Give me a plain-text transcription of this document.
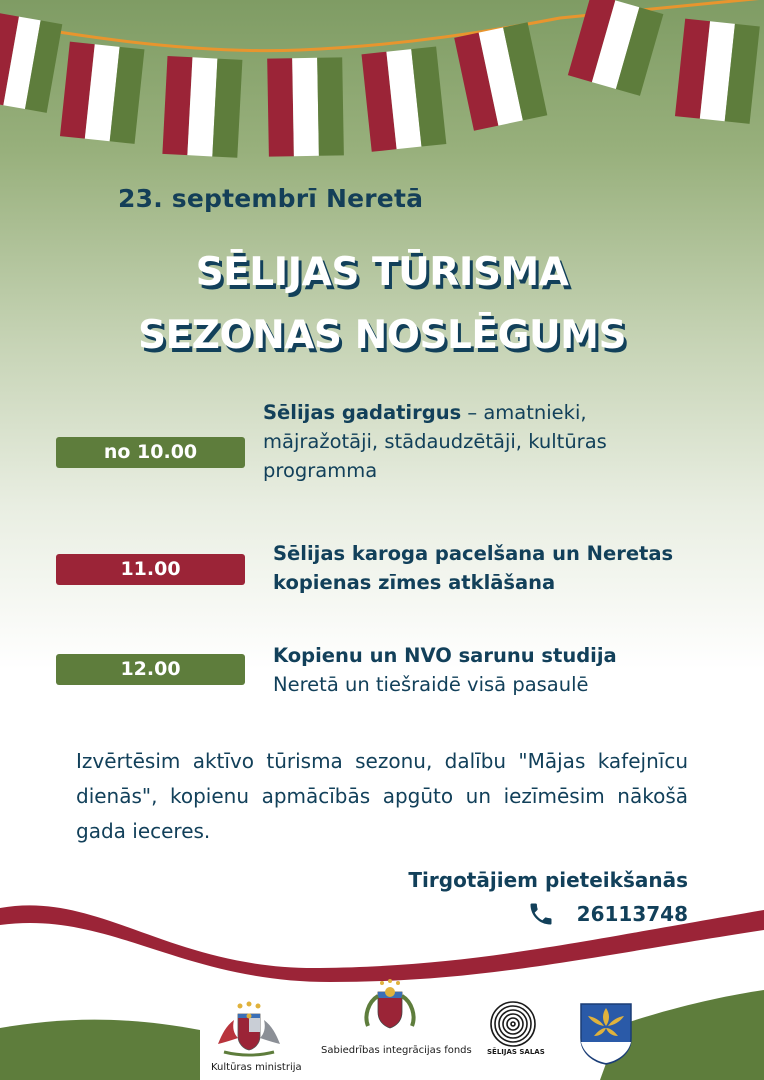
23. septembrī Neretā
SĒLIJAS TŪRISMA
SEZONAS NOSLĒGUMS
no 10.00
Sēlijas gadatirgus – amatnieki,
mājražotāji, stādaudzētāji, kultūras
programma
11.00
Sēlijas karoga pacelšana un Neretas
kopienas zīmes atklāšana
12.00
Kopienu un NVO sarunu studija
Neretā un tiešraidē visā pasaulē
Izvērtēsim aktīvo tūrisma sezonu, dalību "Mājas kafejnīcu dienās", kopienu apmācībās apgūto un iezīmēsim nākošā gada ieceres.
Tirgotājiem pieteikšanās
26113748
Kultūras ministrija
Sabiedrības integrācijas fonds SĒLIJAS SALAS
